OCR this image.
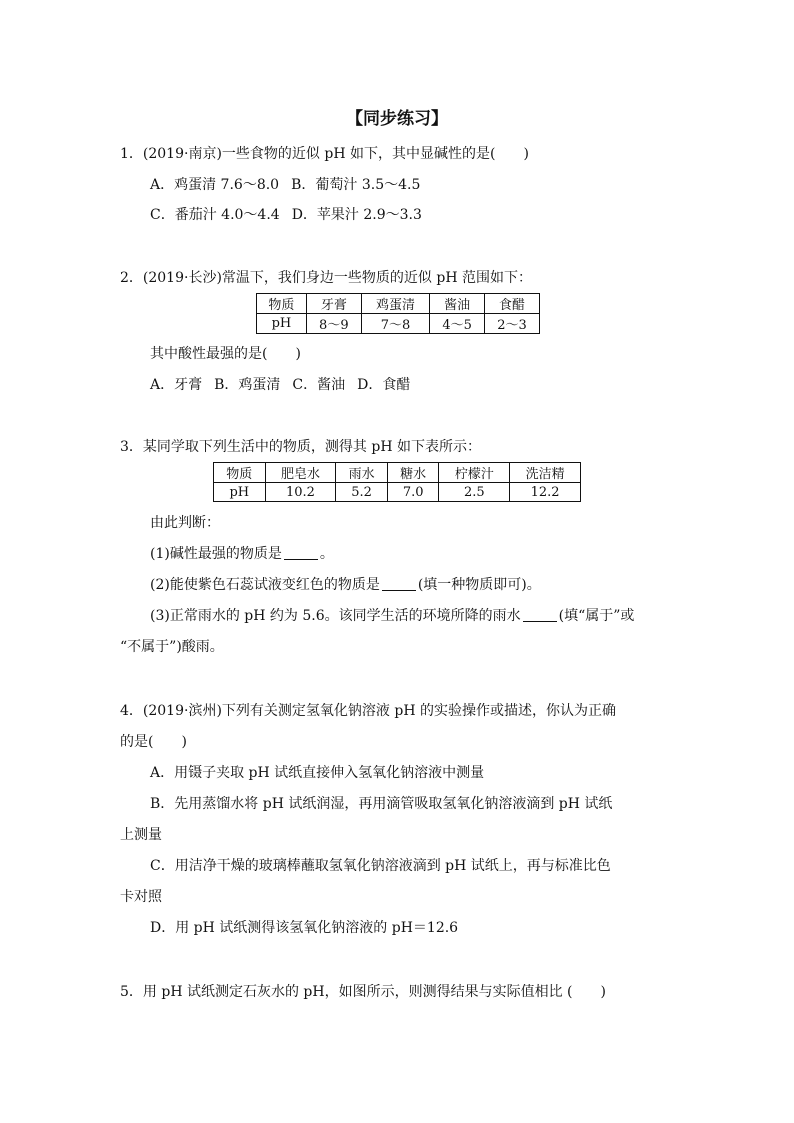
【同步练习】
1．(2019·南京)一些食物的近似 pH 如下，其中显碱性的是(　　)
A．鸡蛋清 7.6～8.0 B．葡萄汁 3.5～4.5
C．番茄汁 4.0～4.4 D．苹果汁 2.9～3.3
2．(2019·长沙)常温下，我们身边一些物质的近似 pH 范围如下：
物质	牙膏	鸡蛋清	酱油	食醋
pH	8～9	7～8	4～5	2～3
其中酸性最强的是(　　)
A．牙膏 B．鸡蛋清 C．酱油 D．食醋
3．某同学取下列生活中的物质，测得其 pH 如下表所示：
物质	肥皂水	雨水	糖水	柠檬汁	洗洁精
pH	10.2	5.2	7.0	2.5	12.2
由此判断：
(1)碱性最强的物质是	。
(2)能使紫色石蕊试液变红色的物质是	(填一种物质即可)。
(3)正常雨水的 pH 约为 5.6。该同学生活的环境所降的雨水	(填“属于”或
“不属于”)酸雨。
4．(2019·滨州)下列有关测定氢氧化钠溶液 pH 的实验操作或描述，你认为正确
的是(　　)
A．用镊子夹取 pH 试纸直接伸入氢氧化钠溶液中测量
B．先用蒸馏水将 pH 试纸润湿，再用滴管吸取氢氧化钠溶液滴到 pH 试纸
上测量
C．用洁净干燥的玻璃棒蘸取氢氧化钠溶液滴到 pH 试纸上，再与标准比色
卡对照
D．用 pH 试纸测得该氢氧化钠溶液的 pH＝12.6
5．用 pH 试纸测定石灰水的 pH，如图所示，则测得结果与实际值相比 (　　)
